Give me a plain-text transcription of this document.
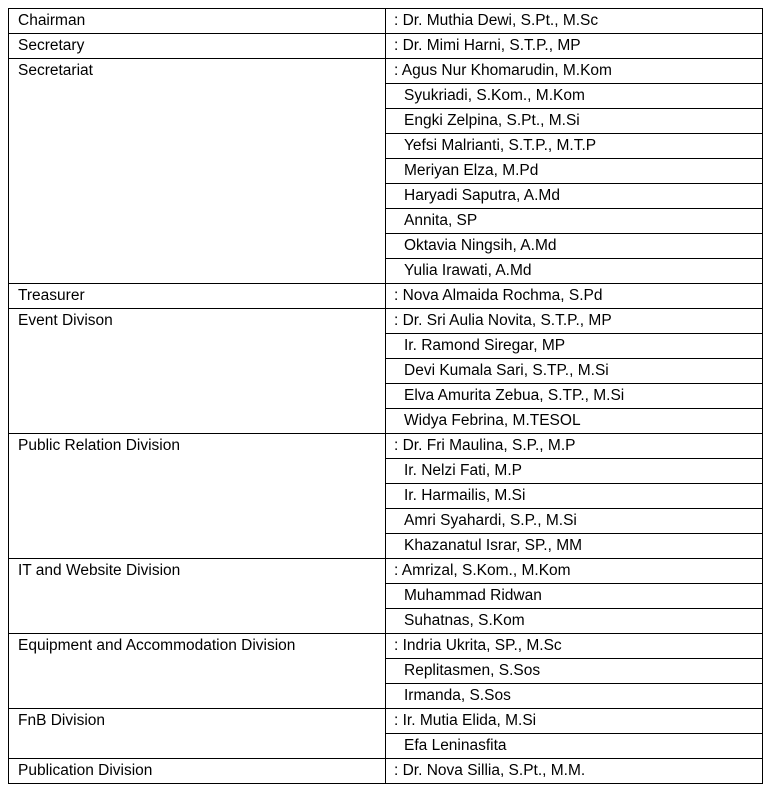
Chairman	: Dr. Muthia Dewi, S.Pt., M.Sc
Secretary	: Dr. Mimi Harni, S.T.P., MP
Secretariat	: Agus Nur Khomarudin, M.Kom
	Syukriadi, S.Kom., M.Kom
	Engki Zelpina, S.Pt., M.Si
	Yefsi Malrianti, S.T.P., M.T.P
	Meriyan Elza, M.Pd
	Haryadi Saputra, A.Md
	Annita, SP
	Oktavia Ningsih, A.Md
	Yulia Irawati, A.Md
Treasurer	: Nova Almaida Rochma, S.Pd
Event Divison	: Dr. Sri Aulia Novita, S.T.P., MP
	Ir. Ramond Siregar, MP
	Devi Kumala Sari, S.TP., M.Si
	Elva Amurita Zebua, S.TP., M.Si
	Widya Febrina, M.TESOL
Public Relation Division	: Dr. Fri Maulina, S.P., M.P
	Ir. Nelzi Fati, M.P
	Ir. Harmailis, M.Si
	Amri Syahardi, S.P., M.Si
	Khazanatul Israr, SP., MM
IT and Website Division	: Amrizal, S.Kom., M.Kom
	Muhammad Ridwan
	Suhatnas, S.Kom
Equipment and Accommodation Division	: Indria Ukrita, SP., M.Sc
	Replitasmen, S.Sos
	Irmanda, S.Sos
FnB Division	: Ir. Mutia Elida, M.Si
	Efa Leninasfita
Publication Division	: Dr. Nova Sillia, S.Pt., M.M.
